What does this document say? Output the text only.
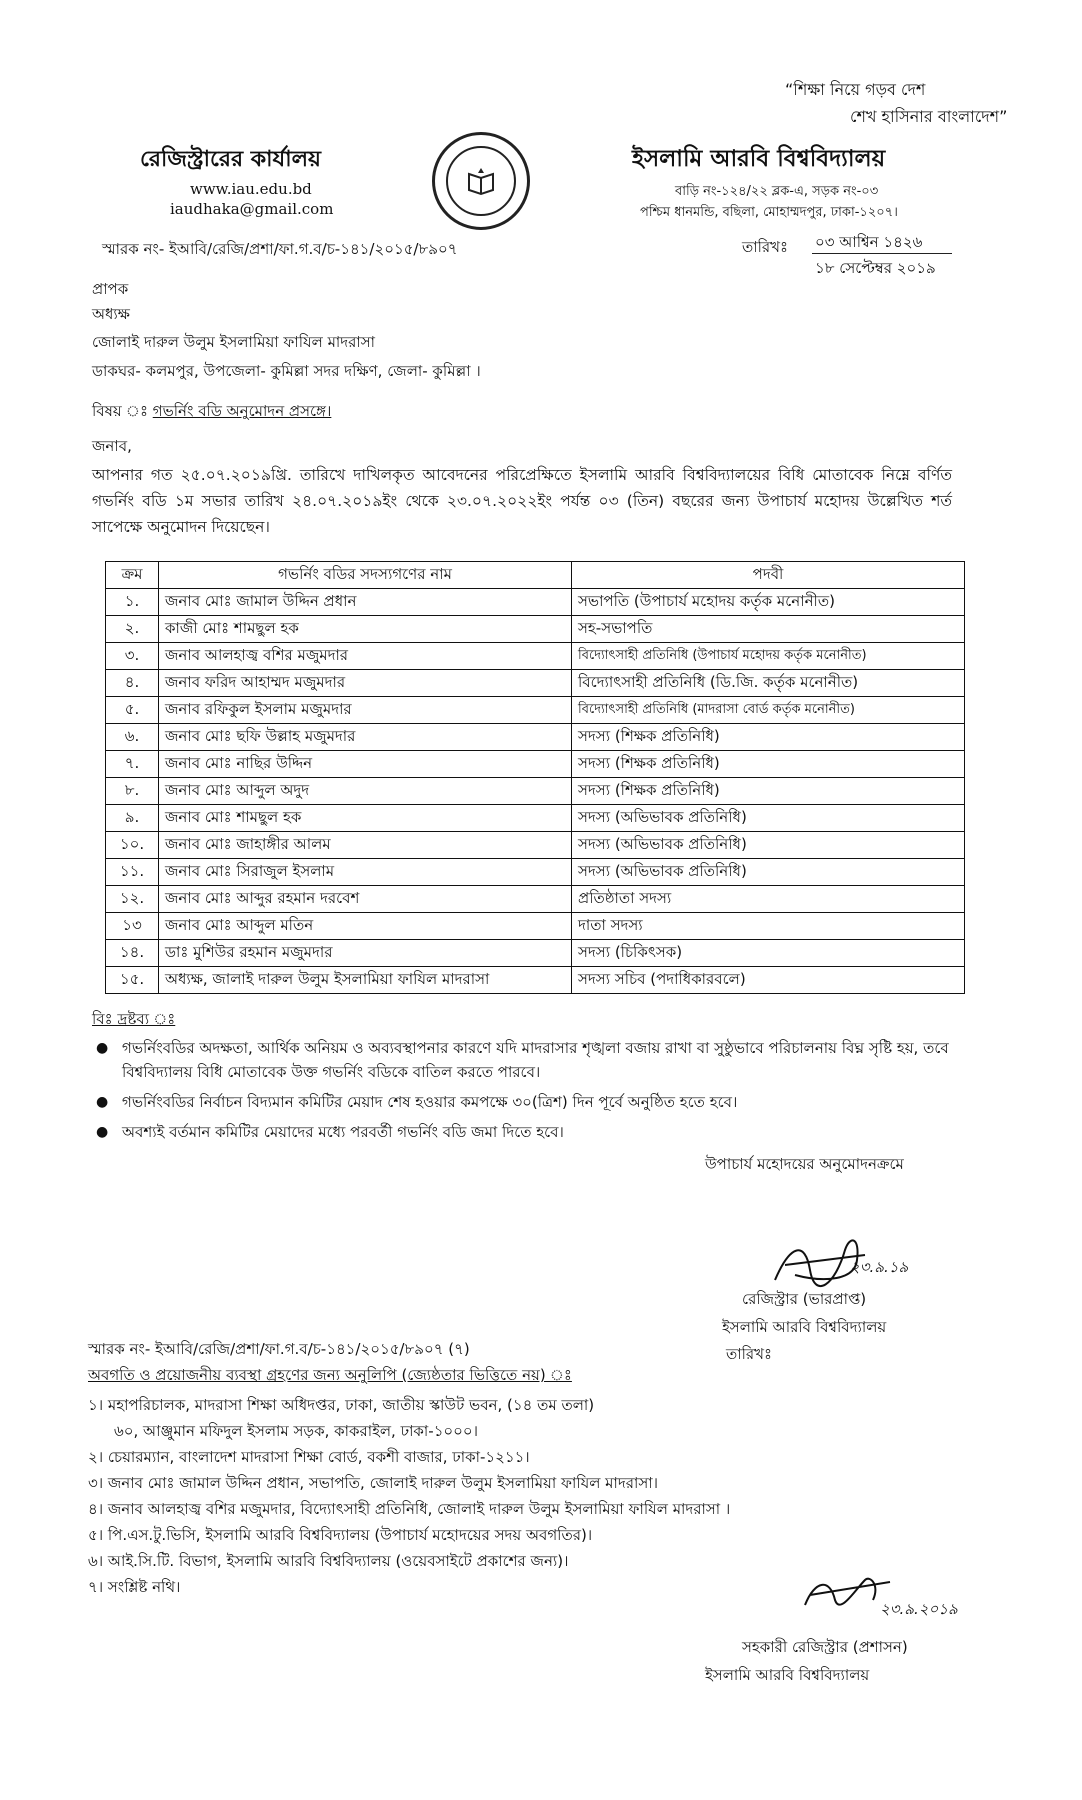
“শিক্ষা নিয়ে গড়ব দেশ
শেখ হাসিনার বাংলাদেশ”
রেজিস্ট্রারের কার্যালয়
www.iau.edu.bd
iaudhaka@gmail.com
ইসলামি আরবি বিশ্ববিদ্যালয়
বাড়ি নং-১২৪/২২ ব্লক-এ, সড়ক নং-০৩
পশ্চিম ধানমন্ডি, বছিলা, মোহাম্মদপুর, ঢাকা-১২০৭।
স্মারক নং- ইআবি/রেজি/প্রশা/ফা.গ.ব/চ-১৪১/২০১৫/৮৯০৭	তারিখঃ ০৩ আশ্বিন ১৪২৬
১৮ সেপ্টেম্বর ২০১৯
প্রাপক
অধ্যক্ষ
জোলাই দারুল উলুম ইসলামিয়া ফাযিল মাদরাসা
ডাকঘর- কলমপুর, উপজেলা- কুমিল্লা সদর দক্ষিণ, জেলা- কুমিল্লা ।
বিষয় ঃ গভর্নিং বডি অনুমোদন প্রসঙ্গে।
জনাব,
আপনার গত ২৫.০৭.২০১৯খ্রি. তারিখে দাখিলকৃত আবেদনের পরিপ্রেক্ষিতে ইসলামি আরবি বিশ্ববিদ্যালয়ের বিধি মোতাবেক নিম্নে বর্ণিত গভর্নিং বডি ১ম সভার তারিখ ২৪.০৭.২০১৯ইং থেকে ২৩.০৭.২০২২ইং পর্যন্ত ০৩ (তিন) বছরের জন্য উপাচার্য মহোদয় উল্লেখিত শর্ত সাপেক্ষে অনুমোদন দিয়েছেন।
ক্রম	গভর্নিং বডির সদস্যগণের নাম	পদবী
১.	জনাব মোঃ জামাল উদ্দিন প্রধান	সভাপতি (উপাচার্য মহোদয় কর্তৃক মনোনীত)
২.	কাজী মোঃ শামছুল হক	সহ-সভাপতি
৩.	জনাব আলহাজ্ব বশির মজুমদার	বিদ্যোৎসাহী প্রতিনিধি (উপাচার্য মহোদয় কর্তৃক মনোনীত)
৪.	জনাব ফরিদ আহাম্মদ মজুমদার	বিদ্যোৎসাহী প্রতিনিধি (ডি.জি. কর্তৃক মনোনীত)
৫.	জনাব রফিকুল ইসলাম মজুমদার	বিদ্যোৎসাহী প্রতিনিধি (মাদরাসা বোর্ড কর্তৃক মনোনীত)
৬.	জনাব মোঃ ছফি উল্লাহ মজুমদার	সদস্য (শিক্ষক প্রতিনিধি)
৭.	জনাব মোঃ নাছির উদ্দিন	সদস্য (শিক্ষক প্রতিনিধি)
৮.	জনাব মোঃ আব্দুল অদুদ	সদস্য (শিক্ষক প্রতিনিধি)
৯.	জনাব মোঃ শামছুল হক	সদস্য (অভিভাবক প্রতিনিধি)
১০.	জনাব মোঃ জাহাঙ্গীর আলম	সদস্য (অভিভাবক প্রতিনিধি)
১১.	জনাব মোঃ সিরাজুল ইসলাম	সদস্য (অভিভাবক প্রতিনিধি)
১২.	জনাব মোঃ আব্দুর রহমান দরবেশ	প্রতিষ্ঠাতা সদস্য
১৩	জনাব মোঃ আব্দুল মতিন	দাতা সদস্য
১৪.	ডাঃ মুশিউর রহমান মজুমদার	সদস্য (চিকিৎসক)
১৫.	অধ্যক্ষ, জালাই দারুল উলুম ইসলামিয়া ফাযিল মাদরাসা	সদস্য সচিব (পদাধিকারবলে)
বিঃ দ্রষ্টব্য ঃ
● গভর্নিংবডির অদক্ষতা, আর্থিক অনিয়ম ও অব্যবস্থাপনার কারণে যদি মাদরাসার শৃঙ্খলা বজায় রাখা বা সুষ্ঠুভাবে পরিচালনায় বিঘ্ন সৃষ্টি হয়, তবে বিশ্ববিদ্যালয় বিধি মোতাবেক উক্ত গভর্নিং বডিকে বাতিল করতে পারবে।
● গভর্নিংবডির নির্বাচন বিদ্যমান কমিটির মেয়াদ শেষ হওয়ার কমপক্ষে ৩০(ত্রিশ) দিন পূর্বে অনুষ্ঠিত হতে হবে।
● অবশ্যই বর্তমান কমিটির মেয়াদের মধ্যে পরবর্তী গভর্নিং বডি জমা দিতে হবে।
উপাচার্য মহোদয়ের অনুমোদনক্রমে
২৩.৯.১৯
রেজিস্ট্রার (ভারপ্রাপ্ত)
ইসলামি আরবি বিশ্ববিদ্যালয়
তারিখঃ
স্মারক নং- ইআবি/রেজি/প্রশা/ফা.গ.ব/চ-১৪১/২০১৫/৮৯০৭ (৭)
অবগতি ও প্রয়োজনীয় ব্যবস্থা গ্রহণের জন্য অনুলিপি (জ্যেষ্ঠতার ভিত্তিতে নয়) ঃ
১। মহাপরিচালক, মাদরাসা শিক্ষা অধিদপ্তর, ঢাকা, জাতীয় স্কাউট ভবন, (১৪ তম তলা)
৬০, আঞ্জুমান মফিদুল ইসলাম সড়ক, কাকরাইল, ঢাকা-১০০০।
২। চেয়ারম্যান, বাংলাদেশ মাদরাসা শিক্ষা বোর্ড, বকশী বাজার, ঢাকা-১২১১।
৩। জনাব মোঃ জামাল উদ্দিন প্রধান, সভাপতি, জোলাই দারুল উলুম ইসলামিয়া ফাযিল মাদরাসা।
৪। জনাব আলহাজ্ব বশির মজুমদার, বিদ্যোৎসাহী প্রতিনিধি, জোলাই দারুল উলুম ইসলামিয়া ফাযিল মাদরাসা ।
৫। পি.এস.টু.ভিসি, ইসলামি আরবি বিশ্ববিদ্যালয় (উপাচার্য মহোদয়ের সদয় অবগতির)।
৬। আই.সি.টি. বিভাগ, ইসলামি আরবি বিশ্ববিদ্যালয় (ওয়েবসাইটে প্রকাশের জন্য)।
৭। সংশ্লিষ্ট নথি।
২৩.৯.২০১৯
সহকারী রেজিস্ট্রার (প্রশাসন)
ইসলামি আরবি বিশ্ববিদ্যালয়
